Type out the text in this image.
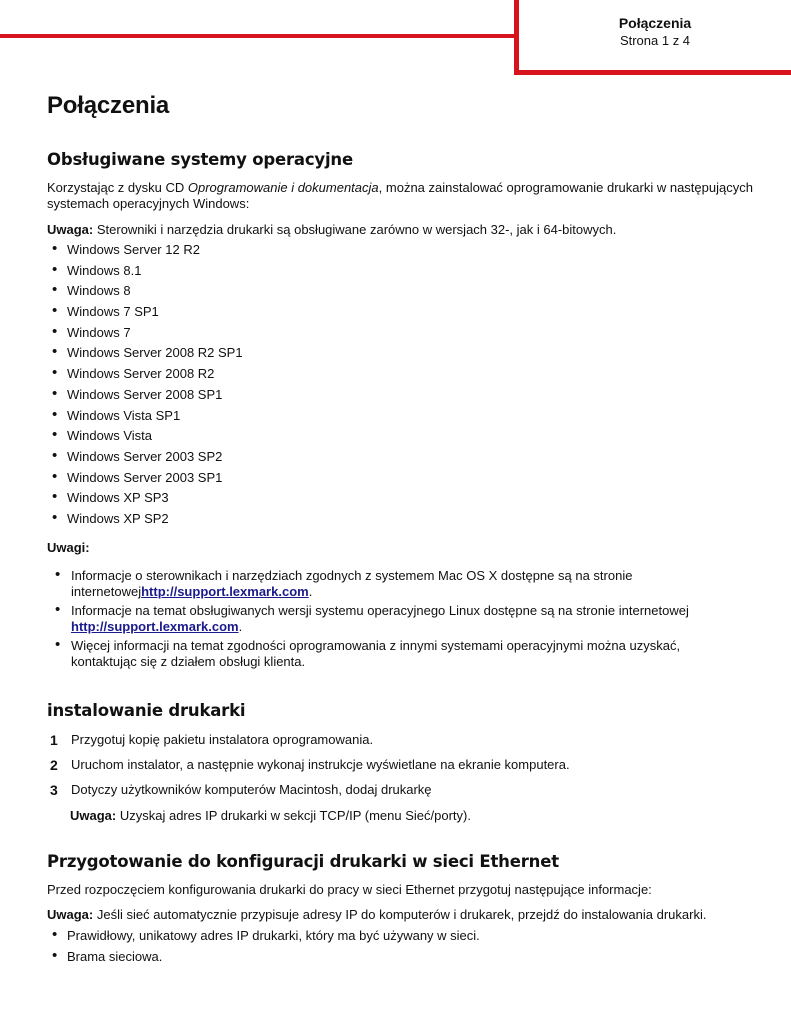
Połączenia
Strona 1 z 4
Połączenia
Obsługiwane systemy operacyjne

Korzystając z dysku CD Oprogramowanie i dokumentacja, można zainstalować oprogramowanie drukarki w następujących systemach operacyjnych Windows:

Uwaga: Sterowniki i narzędzia drukarki są obsługiwane zarówno w wersjach 32-, jak i 64-bitowych.

• Windows Server 12 R2
• Windows 8.1
• Windows 8
• Windows 7 SP1
• Windows 7
• Windows Server 2008 R2 SP1
• Windows Server 2008 R2
• Windows Server 2008 SP1
• Windows Vista SP1
• Windows Vista
• Windows Server 2003 SP2
• Windows Server 2003 SP1
• Windows XP SP3
• Windows XP SP2

Uwagi:

• Informacje o sterownikach i narzędziach zgodnych z systemem Mac OS X dostępne są na stronie internetowejhttp://support.lexmark.com.
• Informacje na temat obsługiwanych wersji systemu operacyjnego Linux dostępne są na stronie internetowej http://support.lexmark.com.
• Więcej informacji na temat zgodności oprogramowania z innymi systemami operacyjnymi można uzyskać, kontaktując się z działem obsługi klienta.
instalowanie drukarki
1 Przygotuj kopię pakietu instalatora oprogramowania.
2 Uruchom instalator, a następnie wykonaj instrukcje wyświetlane na ekranie komputera.
3 Dotyczy użytkowników komputerów Macintosh, dodaj drukarkę

Uwaga: Uzyskaj adres IP drukarki w sekcji TCP/IP (menu Sieć/porty).

Przygotowanie do konfiguracji drukarki w sieci Ethernet

Przed rozpoczęciem konfigurowania drukarki do pracy w sieci Ethernet przygotuj następujące informacje:

Uwaga: Jeśli sieć automatycznie przypisuje adresy IP do komputerów i drukarek, przejdź do instalowania drukarki.

• Prawidłowy, unikatowy adres IP drukarki, który ma być używany w sieci.
• Brama sieciowa.
